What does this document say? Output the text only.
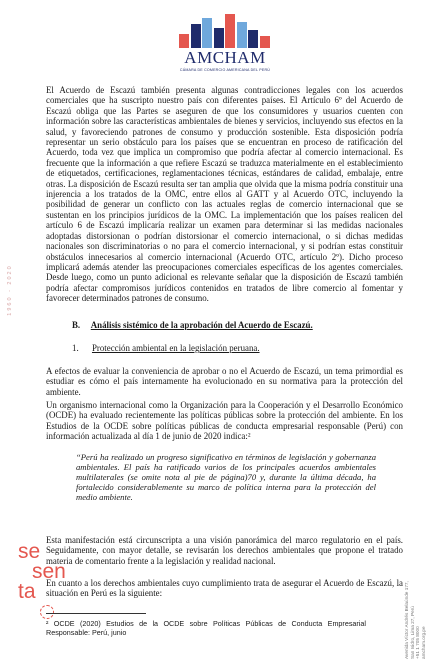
AMCHAM
CÁMARA DE COMERCIO AMERICANA DEL PERÚ
1960 - 2020
se
sen
ta	Avenida Víctor Andrés Belaúnde 177, San Isidro, Lima 27, Perú +51 1 705 8000 amcham.org.pe

El Acuerdo de Escazú también presenta algunas contradicciones legales con los acuerdos comerciales que ha suscripto nuestro país con diferentes países. El Artículo 6º del Acuerdo de Escazú obliga que las Partes se aseguren de que los consumidores y usuarios cuenten con información sobre las características ambientales de bienes y servicios, incluyendo sus efectos en la salud, y favoreciendo patrones de consumo y producción sostenible. Esta disposición podría representar un serio obstáculo para los países que se encuentran en proceso de ratificación del Acuerdo, toda vez que implica un compromiso que podría afectar al comercio internacional. Es frecuente que la información a que refiere Escazú se traduzca materialmente en el establecimiento de etiquetados, certificaciones, reglamentaciones técnicas, estándares de calidad, embalaje, entre otras. La disposición de Escazú resulta ser tan amplia que olvida que la misma podría constituir una injerencia a los tratados de la OMC, entre ellos al GATT y al Acuerdo OTC, incluyendo la posibilidad de generar un conflicto con las actuales reglas de comercio internacional que se sustentan en los principios jurídicos de la OMC. La implementación que los países realicen del artículo 6 de Escazú implicaría realizar un examen para determinar si las medidas nacionales adoptadas distorsionan o podrían distorsionar el comercio internacional, o si dichas medidas nacionales son discriminatorias o no para el comercio internacional, y si podrían estas constituir obstáculos innecesarios al comercio internacional (Acuerdo OTC, artículo 2º). Dicho proceso implicará además atender las preocupaciones comerciales específicas de los agentes comerciales. Desde luego, como un punto adicional es relevante señalar que la disposición de Escazú también podría afectar compromisos jurídicos contenidos en tratados de libre comercio al fomentar y favorecer determinados patrones de consumo.

B. Análisis sistémico de la aprobación del Acuerdo de Escazú.
1. Protección ambiental en la legislación peruana.

A efectos de evaluar la conveniencia de aprobar o no el Acuerdo de Escazú, un tema primordial es estudiar es cómo el país internamente ha evolucionado en su normativa para la protección del ambiente.

Un organismo internacional como la Organización para la Cooperación y el Desarrollo Económico (OCDE) ha evaluado recientemente las políticas públicas sobre la protección del ambiente. En los Estudios de la OCDE sobre políticas públicas de conducta empresarial responsable (Perú) con información actualizada al día 1 de junio de 2020 indica:²

“Perú ha realizado un progreso significativo en términos de legislación y gobernanza ambientales. El país ha ratificado varios de los principales acuerdos ambientales multilaterales (se omite nota al pie de página)70 y, durante la última década, ha fortalecido considerablemente su marco de política interna para la protección del medio ambiente.

Esta manifestación está circunscripta a una visión panorámica del marco regulatorio en el país. Seguidamente, con mayor detalle, se revisarán los derechos ambientales que propone el tratado materia de comentario frente a la legislación y realidad nacional.

En cuanto a los derechos ambientales cuyo cumplimiento trata de asegurar el Acuerdo de Escazú, la situación en Perú es la siguiente:

² OCDE (2020) Estudios de la OCDE sobre Políticas Públicas de Conducta Empresarial Responsable: Perú, junio
